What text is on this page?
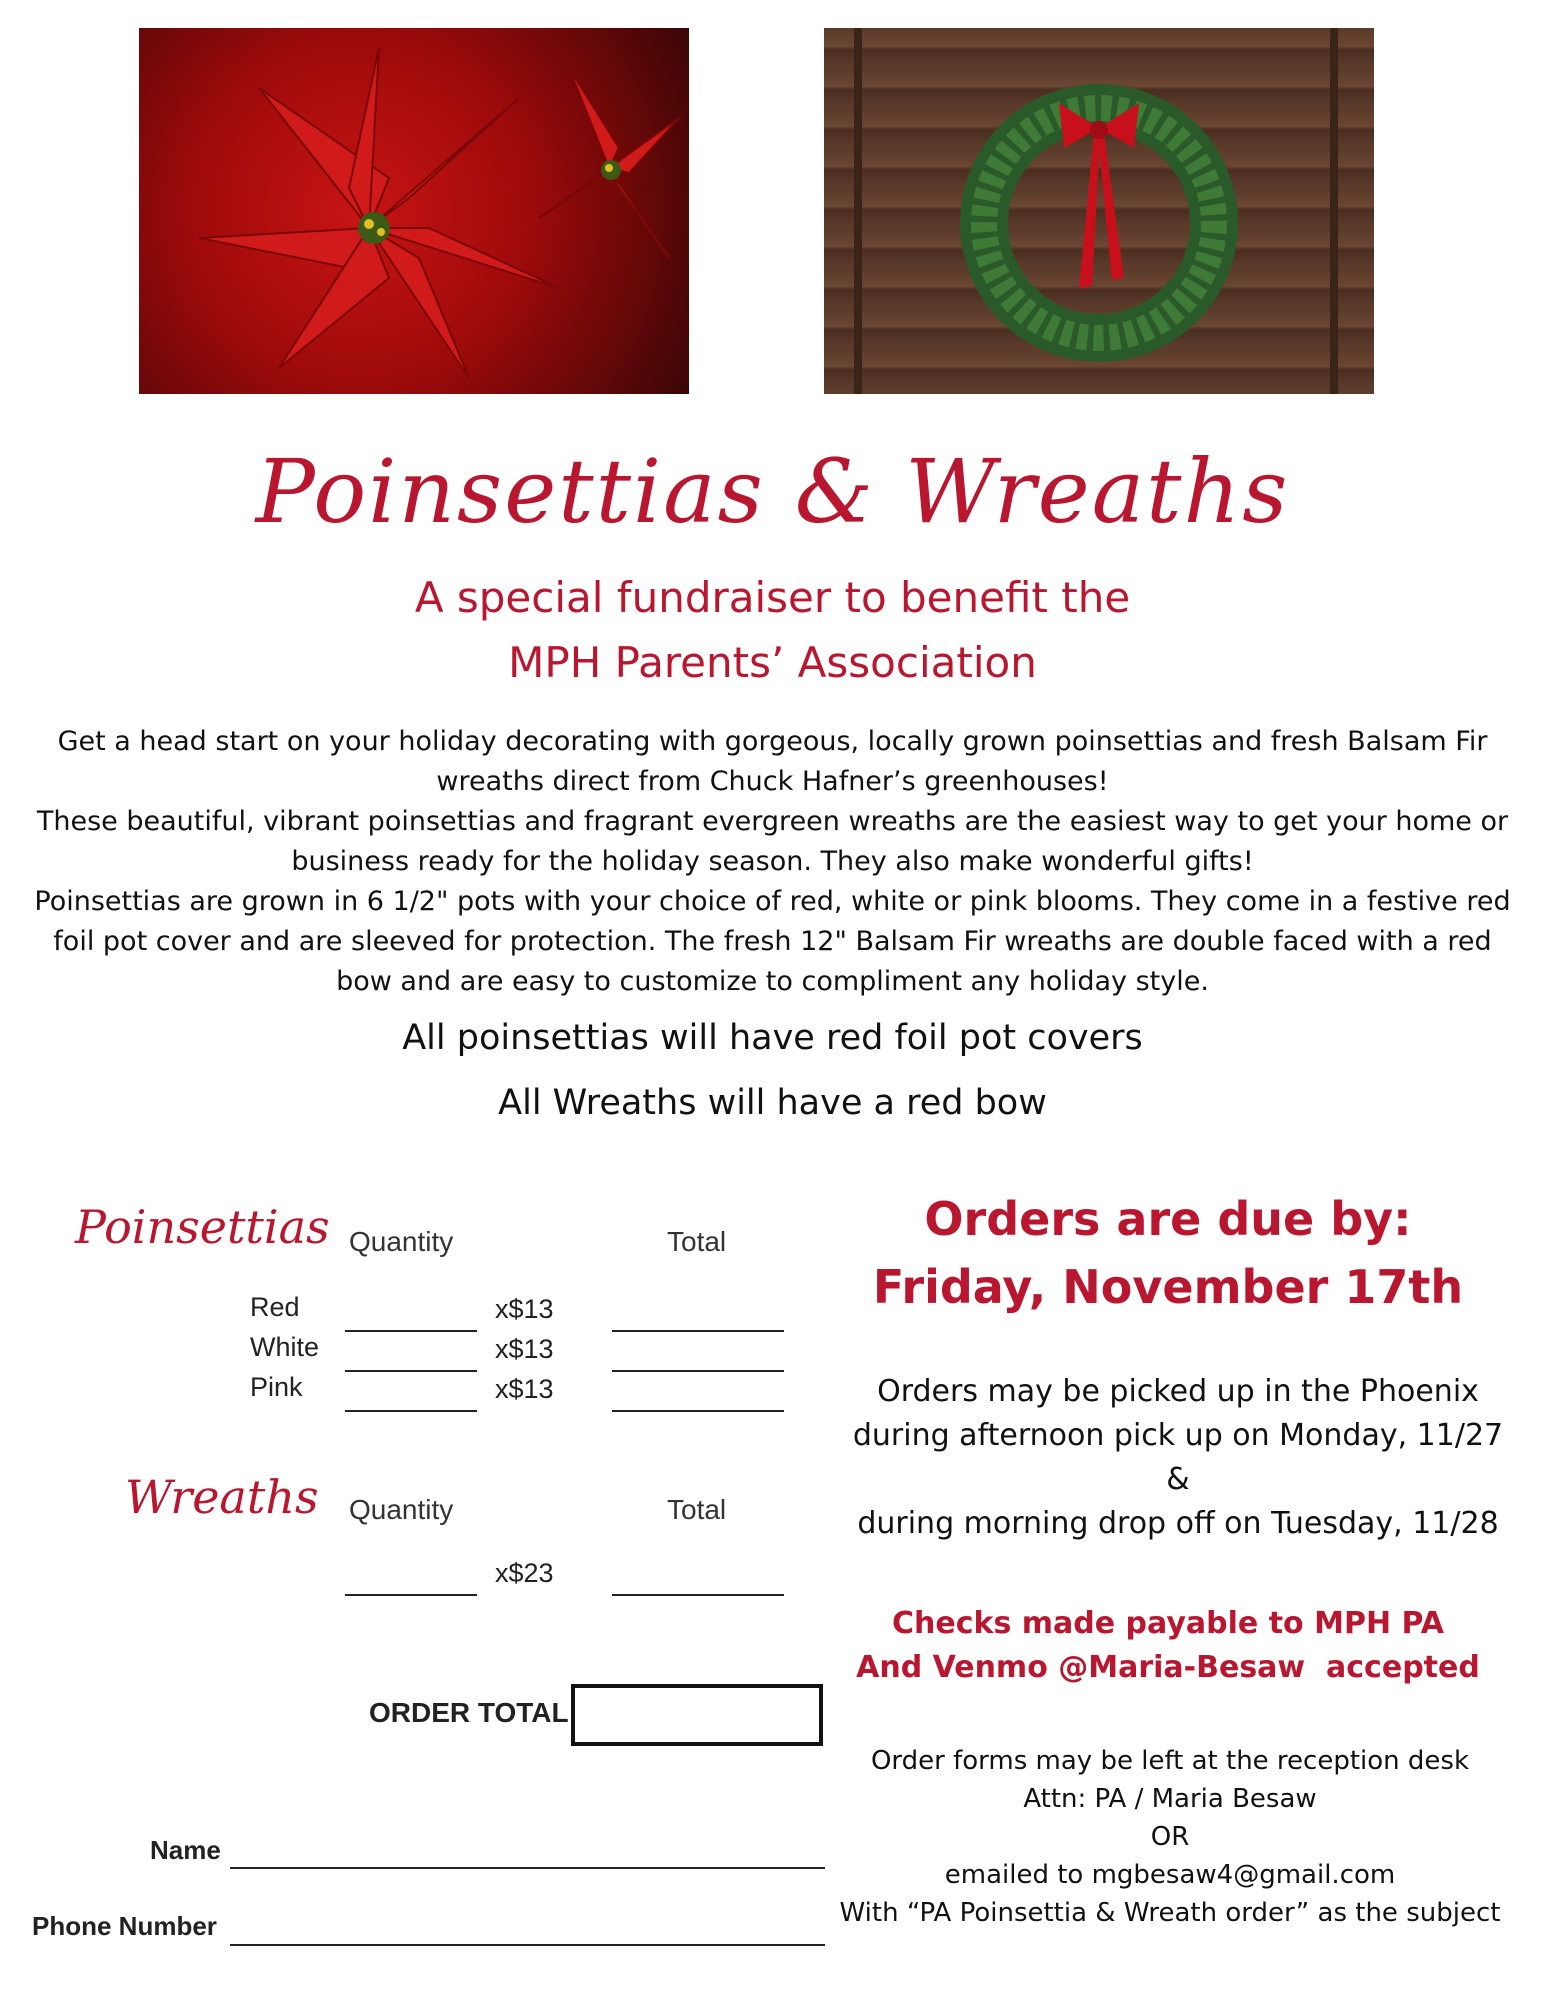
Poinsettias & Wreaths
A special fundraiser to benefit the
MPH Parents’ Association
Get a head start on your holiday decorating with gorgeous, locally grown poinsettias and fresh Balsam Fir wreaths direct from Chuck Hafner’s greenhouses!
These beautiful, vibrant poinsettias and fragrant evergreen wreaths are the easiest way to get your home or business ready for the holiday season. They also make wonderful gifts!
Poinsettias are grown in 6 1/2" pots with your choice of red, white or pink blooms. They come in a festive red foil pot cover and are sleeved for protection. The fresh 12" Balsam Fir wreaths are double faced with a red bow and are easy to customize to compliment any holiday style.
All poinsettias will have red foil pot covers
All Wreaths will have a red bow
Poinsettias Quantity	Total
Red	x$13
White	x$13
Pink	x$13
Wreaths Quantity	Total
x$23
ORDER TOTAL
Name
Phone Number
Orders are due by:
Friday, November 17th
Orders may be picked up in the Phoenix
during afternoon pick up on Monday, 11/27
&
during morning drop off on Tuesday, 11/28
Checks made payable to MPH PA
And Venmo @Maria-Besaw  accepted
Order forms may be left at the reception desk
Attn: PA / Maria Besaw
OR
emailed to mgbesaw4@gmail.com
With “PA Poinsettia & Wreath order” as the subject
